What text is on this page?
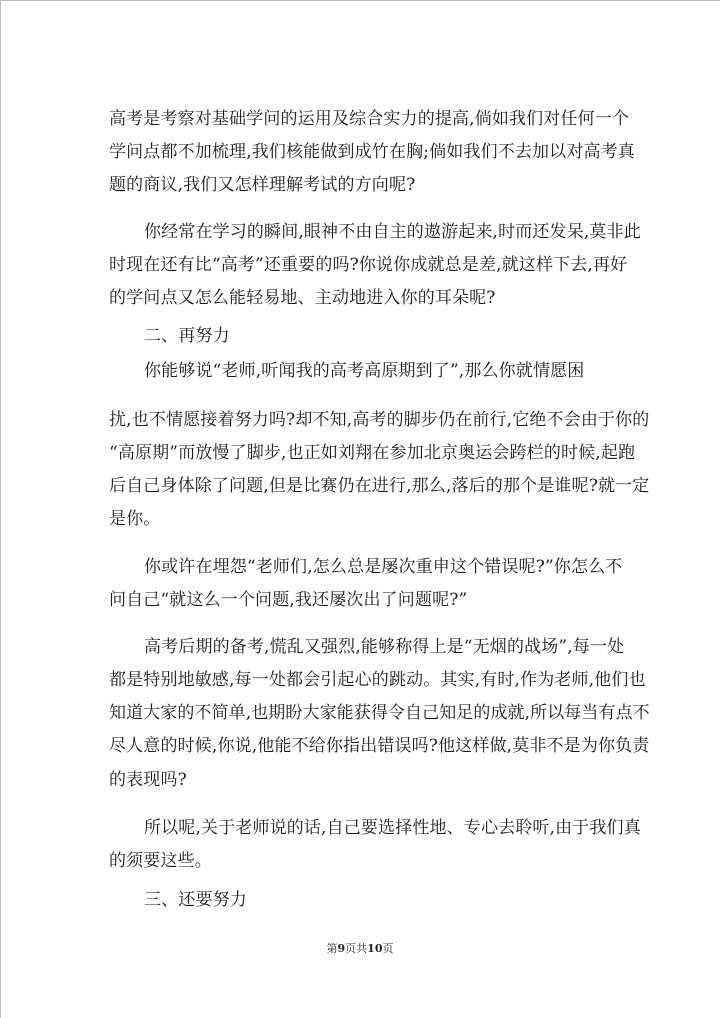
高考是考察对基础学问的运用及综合实力的提高,倘如我们对任何一个
学问点都不加梳理,我们核能做到成竹在胸;倘如我们不去加以对高考真
题的商议,我们又怎样理解考试的方向呢?
你经常在学习的瞬间,眼神不由自主的遨游起来,时而还发呆,莫非此
时现在还有比“高考”还重要的吗?你说你成就总是差,就这样下去,再好
的学问点又怎么能轻易地、主动地进入你的耳朵呢?
二、再努力
你能够说“老师,听闻我的高考高原期到了”,那么你就情愿困
扰,也不情愿接着努力吗?却不知,高考的脚步仍在前行,它绝不会由于你的
“高原期”而放慢了脚步,也正如刘翔在参加北京奥运会跨栏的时候,起跑
后自己身体除了问题,但是比赛仍在进行,那么,落后的那个是谁呢?就一定
是你。
你或许在埋怨“老师们,怎么总是屡次重申这个错误呢?”你怎么不
问自己“就这么一个问题,我还屡次出了问题呢?”
高考后期的备考,慌乱又强烈,能够称得上是“无烟的战场”,每一处
都是特别地敏感,每一处都会引起心的跳动。其实,有时,作为老师,他们也
知道大家的不简单,也期盼大家能获得令自己知足的成就,所以每当有点不
尽人意的时候,你说,他能不给你指出错误吗?他这样做,莫非不是为你负责
的表现吗?
所以呢,关于老师说的话,自己要选择性地、专心去聆听,由于我们真
的须要这些。
三、还要努力
第9页共10页
